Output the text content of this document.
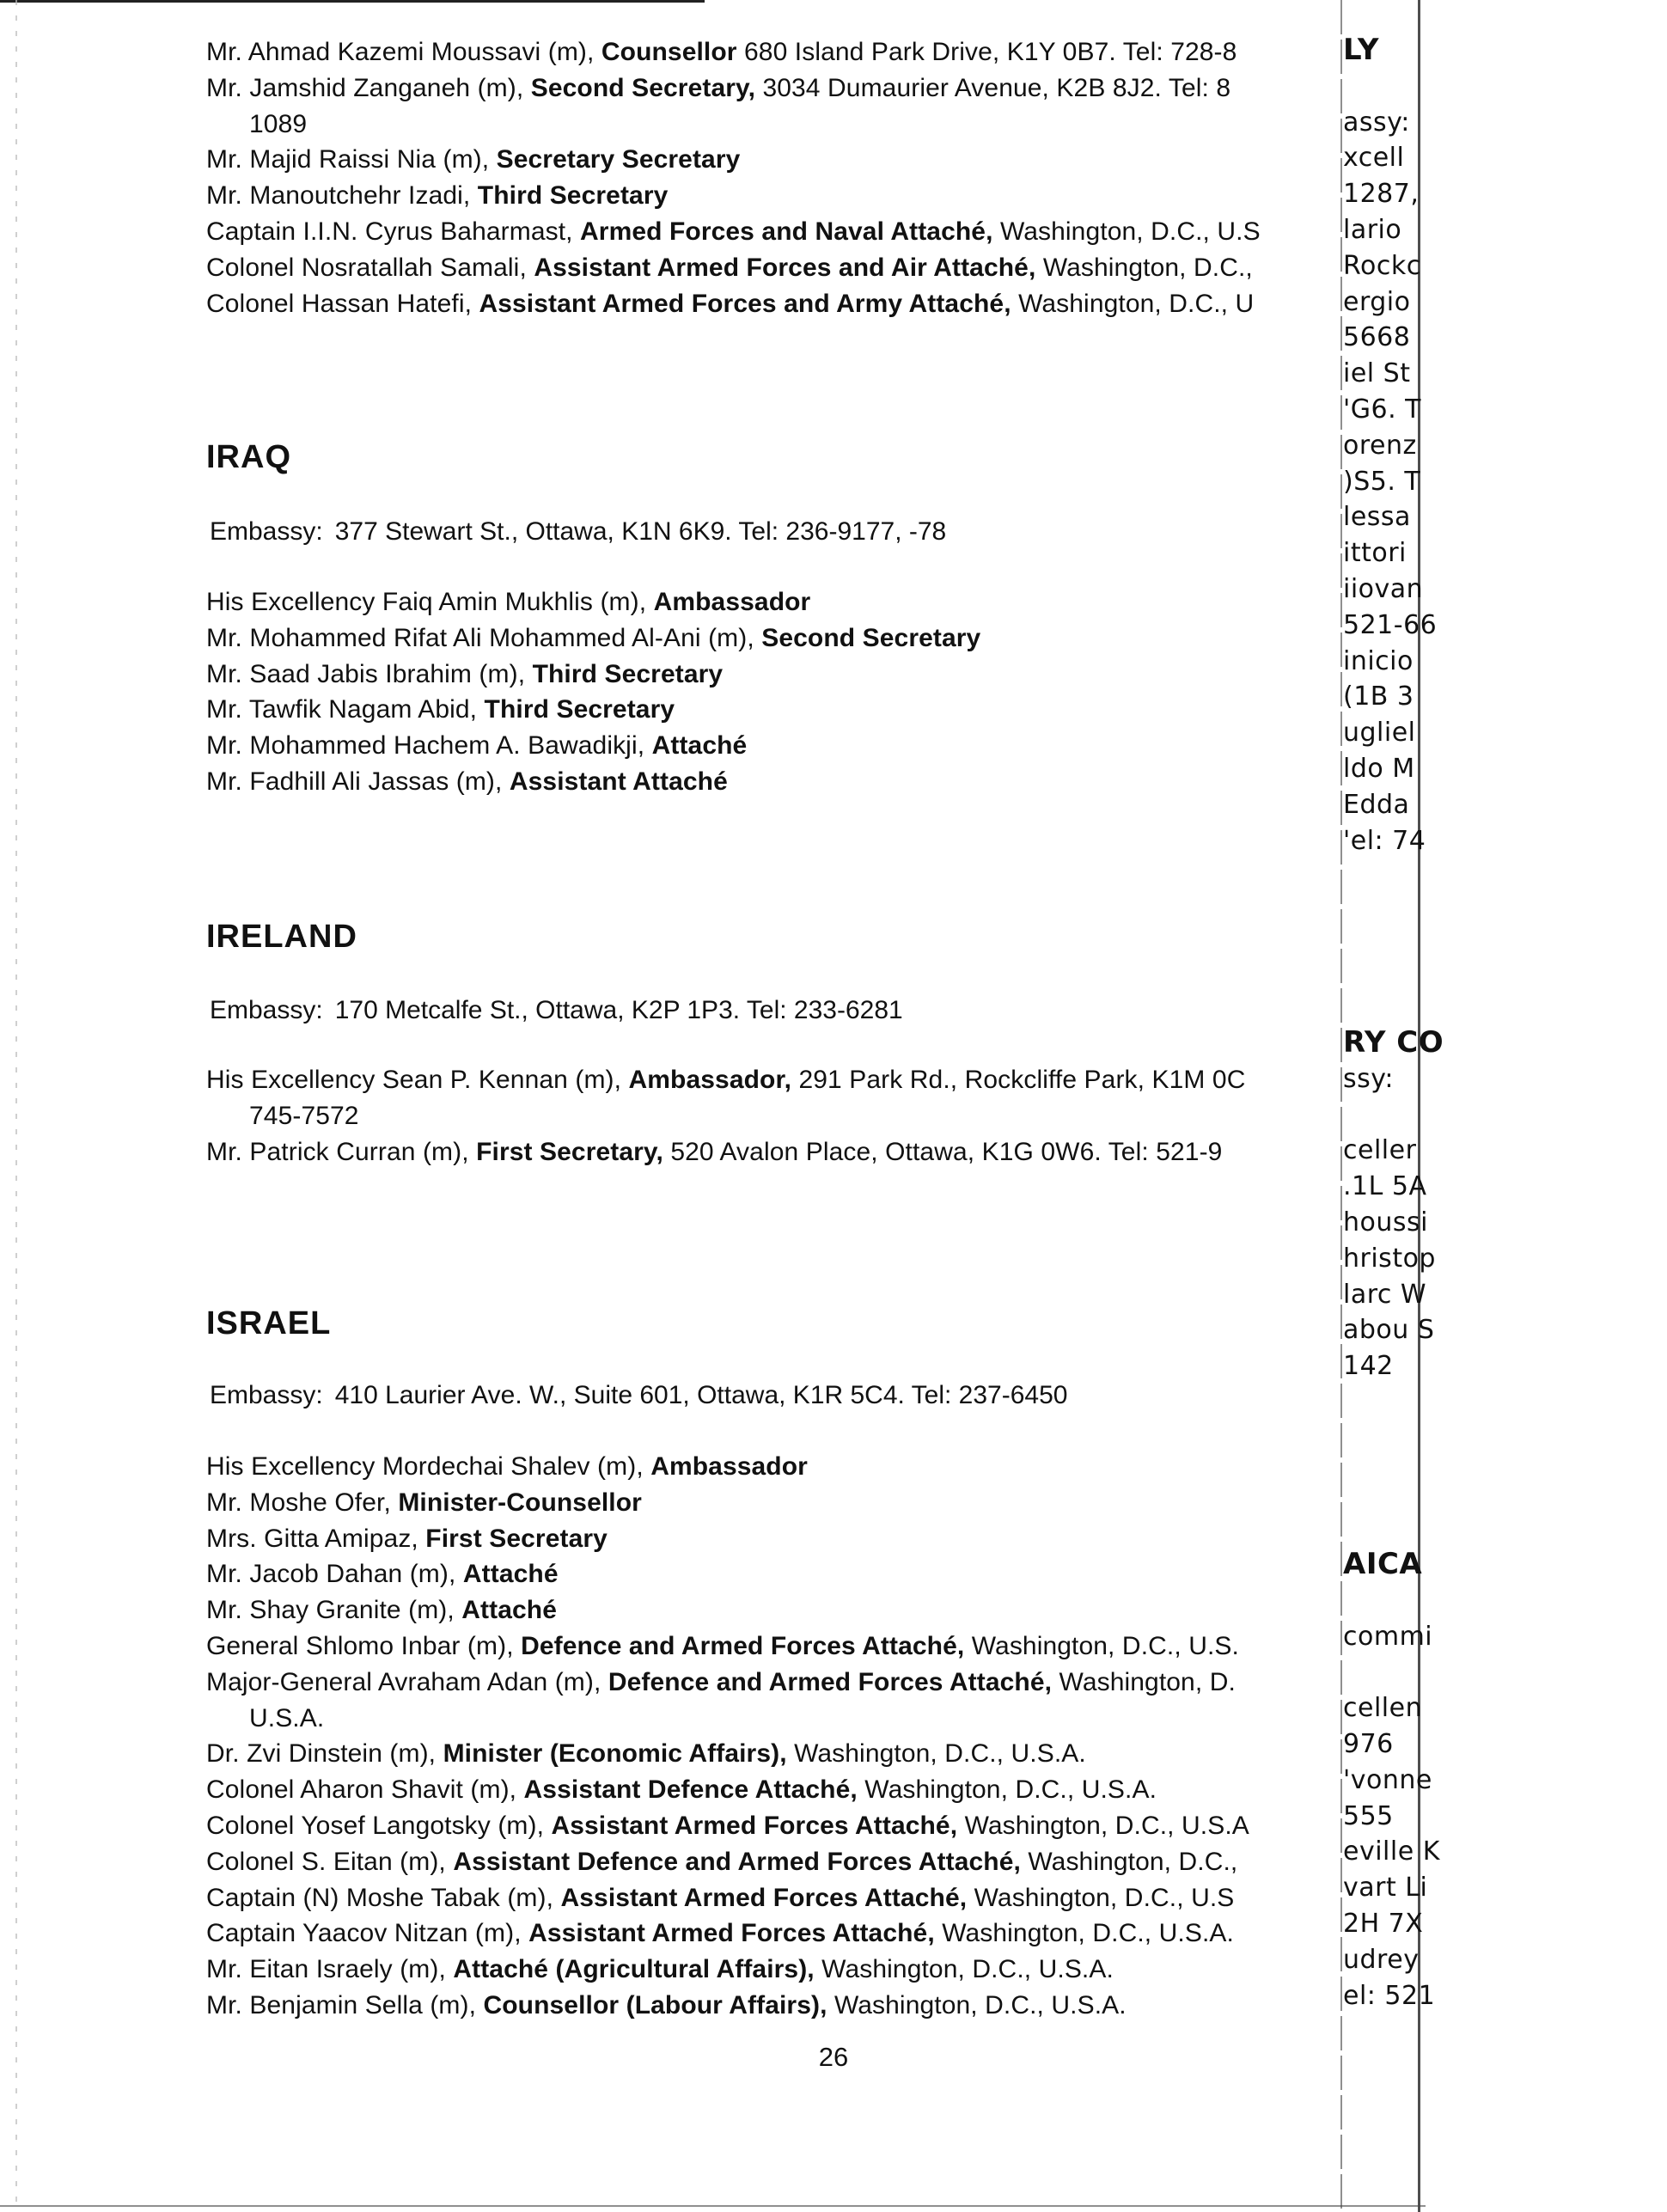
Mr. Ahmad Kazemi Moussavi (m), Counsellor 680 Island Park Drive, K1Y 0B7. Tel: 728-8
Mr. Jamshid Zanganeh (m), Second Secretary, 3034 Dumaurier Avenue, K2B 8J2. Tel: 8
1089
Mr. Majid Raissi Nia (m), Secretary Secretary
Mr. Manoutchehr Izadi, Third Secretary
Captain I.I.N. Cyrus Baharmast, Armed Forces and Naval Attaché, Washington, D.C., U.S
Colonel Nosratallah Samali, Assistant Armed Forces and Air Attaché, Washington, D.C.,
Colonel Hassan Hatefi, Assistant Armed Forces and Army Attaché, Washington, D.C., U
IRAQ
Embassy: 377 Stewart St., Ottawa, K1N 6K9. Tel: 236-9177, -78
His Excellency Faiq Amin Mukhlis (m), Ambassador
Mr. Mohammed Rifat Ali Mohammed Al-Ani (m), Second Secretary
Mr. Saad Jabis Ibrahim (m), Third Secretary
Mr. Tawfik Nagam Abid, Third Secretary
Mr. Mohammed Hachem A. Bawadikji, Attaché
Mr. Fadhill Ali Jassas (m), Assistant Attaché
IRELAND
Embassy: 170 Metcalfe St., Ottawa, K2P 1P3. Tel: 233-6281
His Excellency Sean P. Kennan (m), Ambassador, 291 Park Rd., Rockcliffe Park, K1M 0C
745-7572
Mr. Patrick Curran (m), First Secretary, 520 Avalon Place, Ottawa, K1G 0W6. Tel: 521-9
ISRAEL
Embassy: 410 Laurier Ave. W., Suite 601, Ottawa, K1R 5C4. Tel: 237-6450
His Excellency Mordechai Shalev (m), Ambassador
Mr. Moshe Ofer, Minister-Counsellor
Mrs. Gitta Amipaz, First Secretary
Mr. Jacob Dahan (m), Attaché
Mr. Shay Granite (m), Attaché
General Shlomo Inbar (m), Defence and Armed Forces Attaché, Washington, D.C., U.S.
Major-General Avraham Adan (m), Defence and Armed Forces Attaché, Washington, D.
U.S.A.
Dr. Zvi Dinstein (m), Minister (Economic Affairs), Washington, D.C., U.S.A.
Colonel Aharon Shavit (m), Assistant Defence Attaché, Washington, D.C., U.S.A.
Colonel Yosef Langotsky (m), Assistant Armed Forces Attaché, Washington, D.C., U.S.A
Colonel S. Eitan (m), Assistant Defence and Armed Forces Attaché, Washington, D.C.,
Captain (N) Moshe Tabak (m), Assistant Armed Forces Attaché, Washington, D.C., U.S
Captain Yaacov Nitzan (m), Assistant Armed Forces Attaché, Washington, D.C., U.S.A.
Mr. Eitan Israely (m), Attaché (Agricultural Affairs), Washington, D.C., U.S.A.
Mr. Benjamin Sella (m), Counsellor (Labour Affairs), Washington, D.C., U.S.A.
LY

assy:
xcell
1287,
lario
Rockc
ergio
5668
iel St
'G6. T
orenz
)S5. T
lessa
ittori
iiovan
521-66
inicio
(1B 3
ugliel
ldo M
Edda
'el: 74
RY CO
ssy:

celler
.1L 5A
houssi
hristop
larc W
abou S
142
AICA

commi

cellen
976
'vonne
555
eville K
vart Li
2H 7X
udrey
el: 521
26
